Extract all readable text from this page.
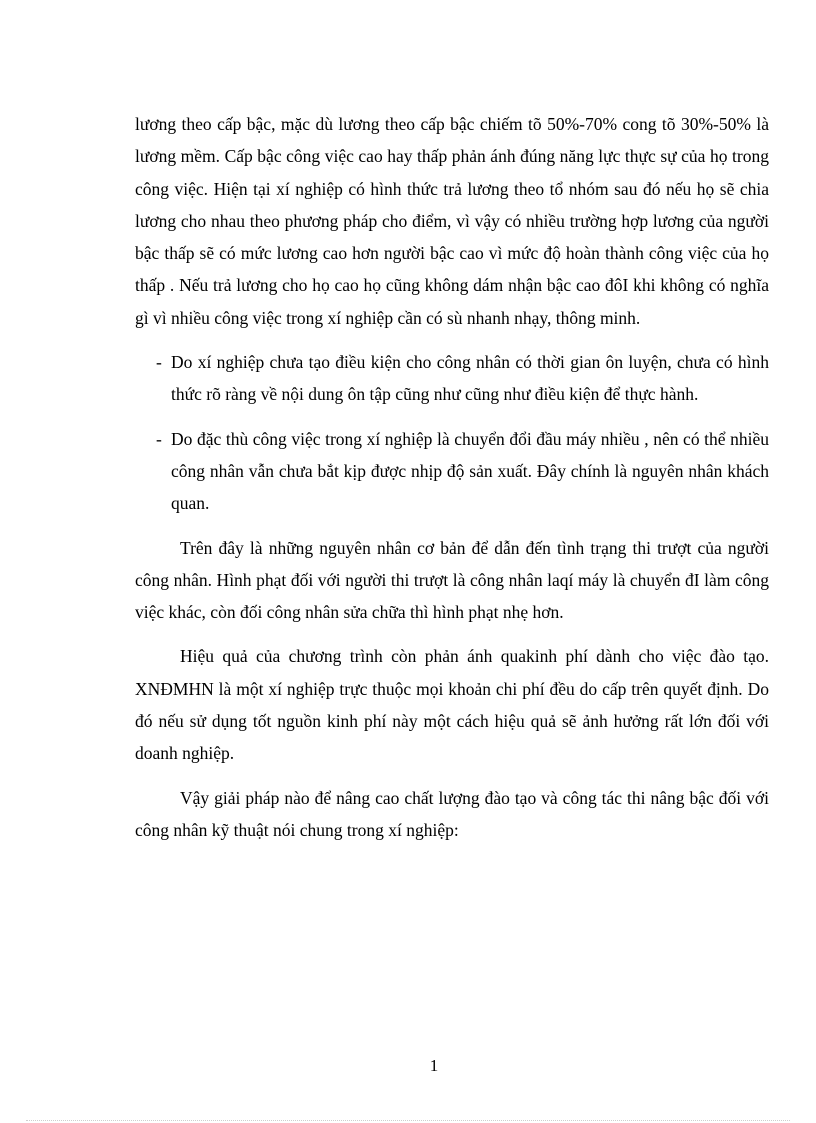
lương theo cấp bậc, mặc dù lương theo cấp bậc chiếm tõ 50%-70% cong tõ 30%-50% là lương mềm. Cấp bậc công việc cao hay thấp phản ánh đúng năng lực thực sự của họ trong công việc. Hiện tại xí nghiệp có hình thức trả lương theo tổ nhóm sau đó nếu họ sẽ chia lương cho nhau theo phương pháp cho điểm, vì vậy có nhiều trường hợp lương của người bậc thấp sẽ có mức lương cao hơn người bậc cao vì mức độ hoàn thành công việc của họ thấp . Nếu trả lương cho họ cao họ cũng không dám nhận bậc cao đôI khi không có nghĩa gì vì nhiều công việc trong xí nghiệp cần có sù nhanh nhạy, thông minh.

- Do xí nghiệp chưa tạo điều kiện cho công nhân có thời gian ôn luyện, chưa có hình thức rõ ràng về nội dung ôn tập cũng như cũng như điều kiện để thực hành.

- Do đặc thù công việc trong xí nghiệp là chuyển đổi đầu máy nhiều , nên có thể nhiều công nhân vẫn chưa bắt kịp được nhịp độ sản xuất. Đây chính là nguyên nhân khách quan.

Trên đây là những nguyên nhân cơ bản để dẫn đến tình trạng thi trượt của người công nhân. Hình phạt đối với người thi trượt là công nhân laqí máy là chuyển đI làm công việc khác, còn đối công nhân sửa chữa thì hình phạt nhẹ hơn.

Hiệu quả của chương trình còn phản ánh quakinh phí dành cho việc đào tạo. XNĐMHN là một xí nghiệp trực thuộc mọi khoản chi phí đều do cấp trên quyết định. Do đó nếu sử dụng tốt nguồn kinh phí này một cách hiệu quả sẽ ảnh hưởng rất lớn đối với doanh nghiệp.

Vậy giải pháp nào để nâng cao chất lượng đào tạo và công tác thi nâng bậc đối với công nhân kỹ thuật nói chung trong xí nghiệp:

1
